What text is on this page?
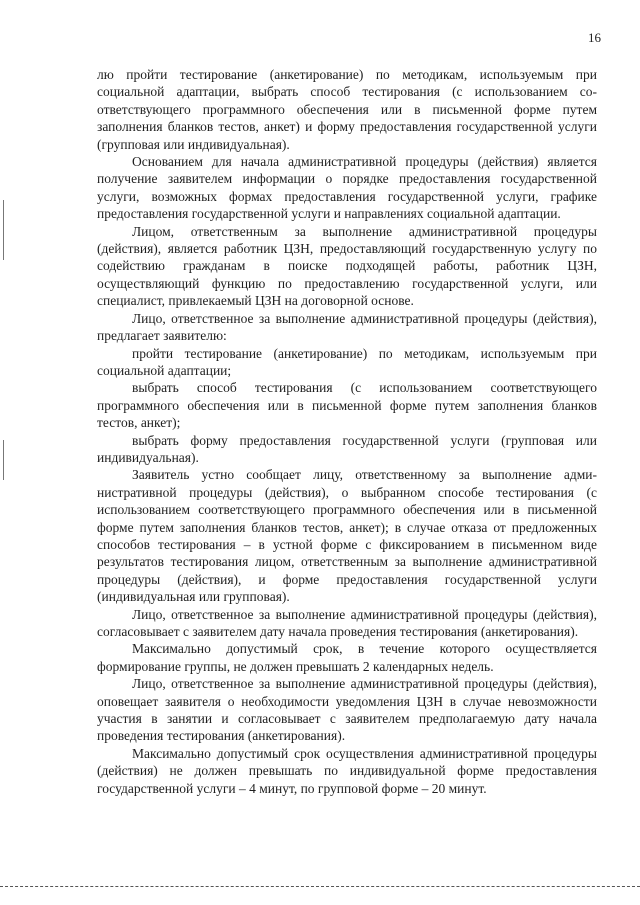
16

лю пройти тестирование (анкетирование) по методикам, используемым при социальной адаптации, выбрать способ тестирования (с использованием соответствующего программного обеспечения или в письменной форме путем заполнения бланков тестов, анкет) и форму предоставления государственной услуги (групповая или индивидуальная).

Основанием для начала административной процедуры (действия) является получение заявителем информации о порядке предоставления государственной услуги, возможных формах предоставления государственной услуги, графике предоставления государственной услуги и направлениях социальной адаптации.

Лицом, ответственным за выполнение административной процедуры (действия), является работник ЦЗН, предоставляющий государственную услугу по содействию гражданам в поиске подходящей работы, работник ЦЗН, осуществляющий функцию по предоставлению государственной услуги, или специалист, привлекаемый ЦЗН на договорной основе.

Лицо, ответственное за выполнение административной процедуры (действия), предлагает заявителю:

пройти тестирование (анкетирование) по методикам, используемым при социальной адаптации;

выбрать способ тестирования (с использованием соответствующего программного обеспечения или в письменной форме путем заполнения бланков тестов, анкет);

выбрать форму предоставления государственной услуги (групповая или индивидуальная).

Заявитель устно сообщает лицу, ответственному за выполнение административной процедуры (действия), о выбранном способе тестирования (с использованием соответствующего программного обеспечения или в письменной форме путем заполнения бланков тестов, анкет); в случае отказа от предложенных способов тестирования – в устной форме с фиксированием в письменном виде результатов тестирования лицом, ответственным за выполнение административной процедуры (действия), и форме предоставления государственной услуги (индивидуальная или групповая).

Лицо, ответственное за выполнение административной процедуры (действия), согласовывает с заявителем дату начала проведения тестирования (анкетирования).

Максимально допустимый срок, в течение которого осуществляется формирование группы, не должен превышать 2 календарных недель.

Лицо, ответственное за выполнение административной процедуры (действия), оповещает заявителя о необходимости уведомления ЦЗН в случае невозможности участия в занятии и согласовывает с заявителем предполагаемую дату начала проведения тестирования (анкетирования).

Максимально допустимый срок осуществления административной процедуры (действия) не должен превышать по индивидуальной форме предоставления государственной услуги – 4 минут, по групповой форме – 20 минут.
